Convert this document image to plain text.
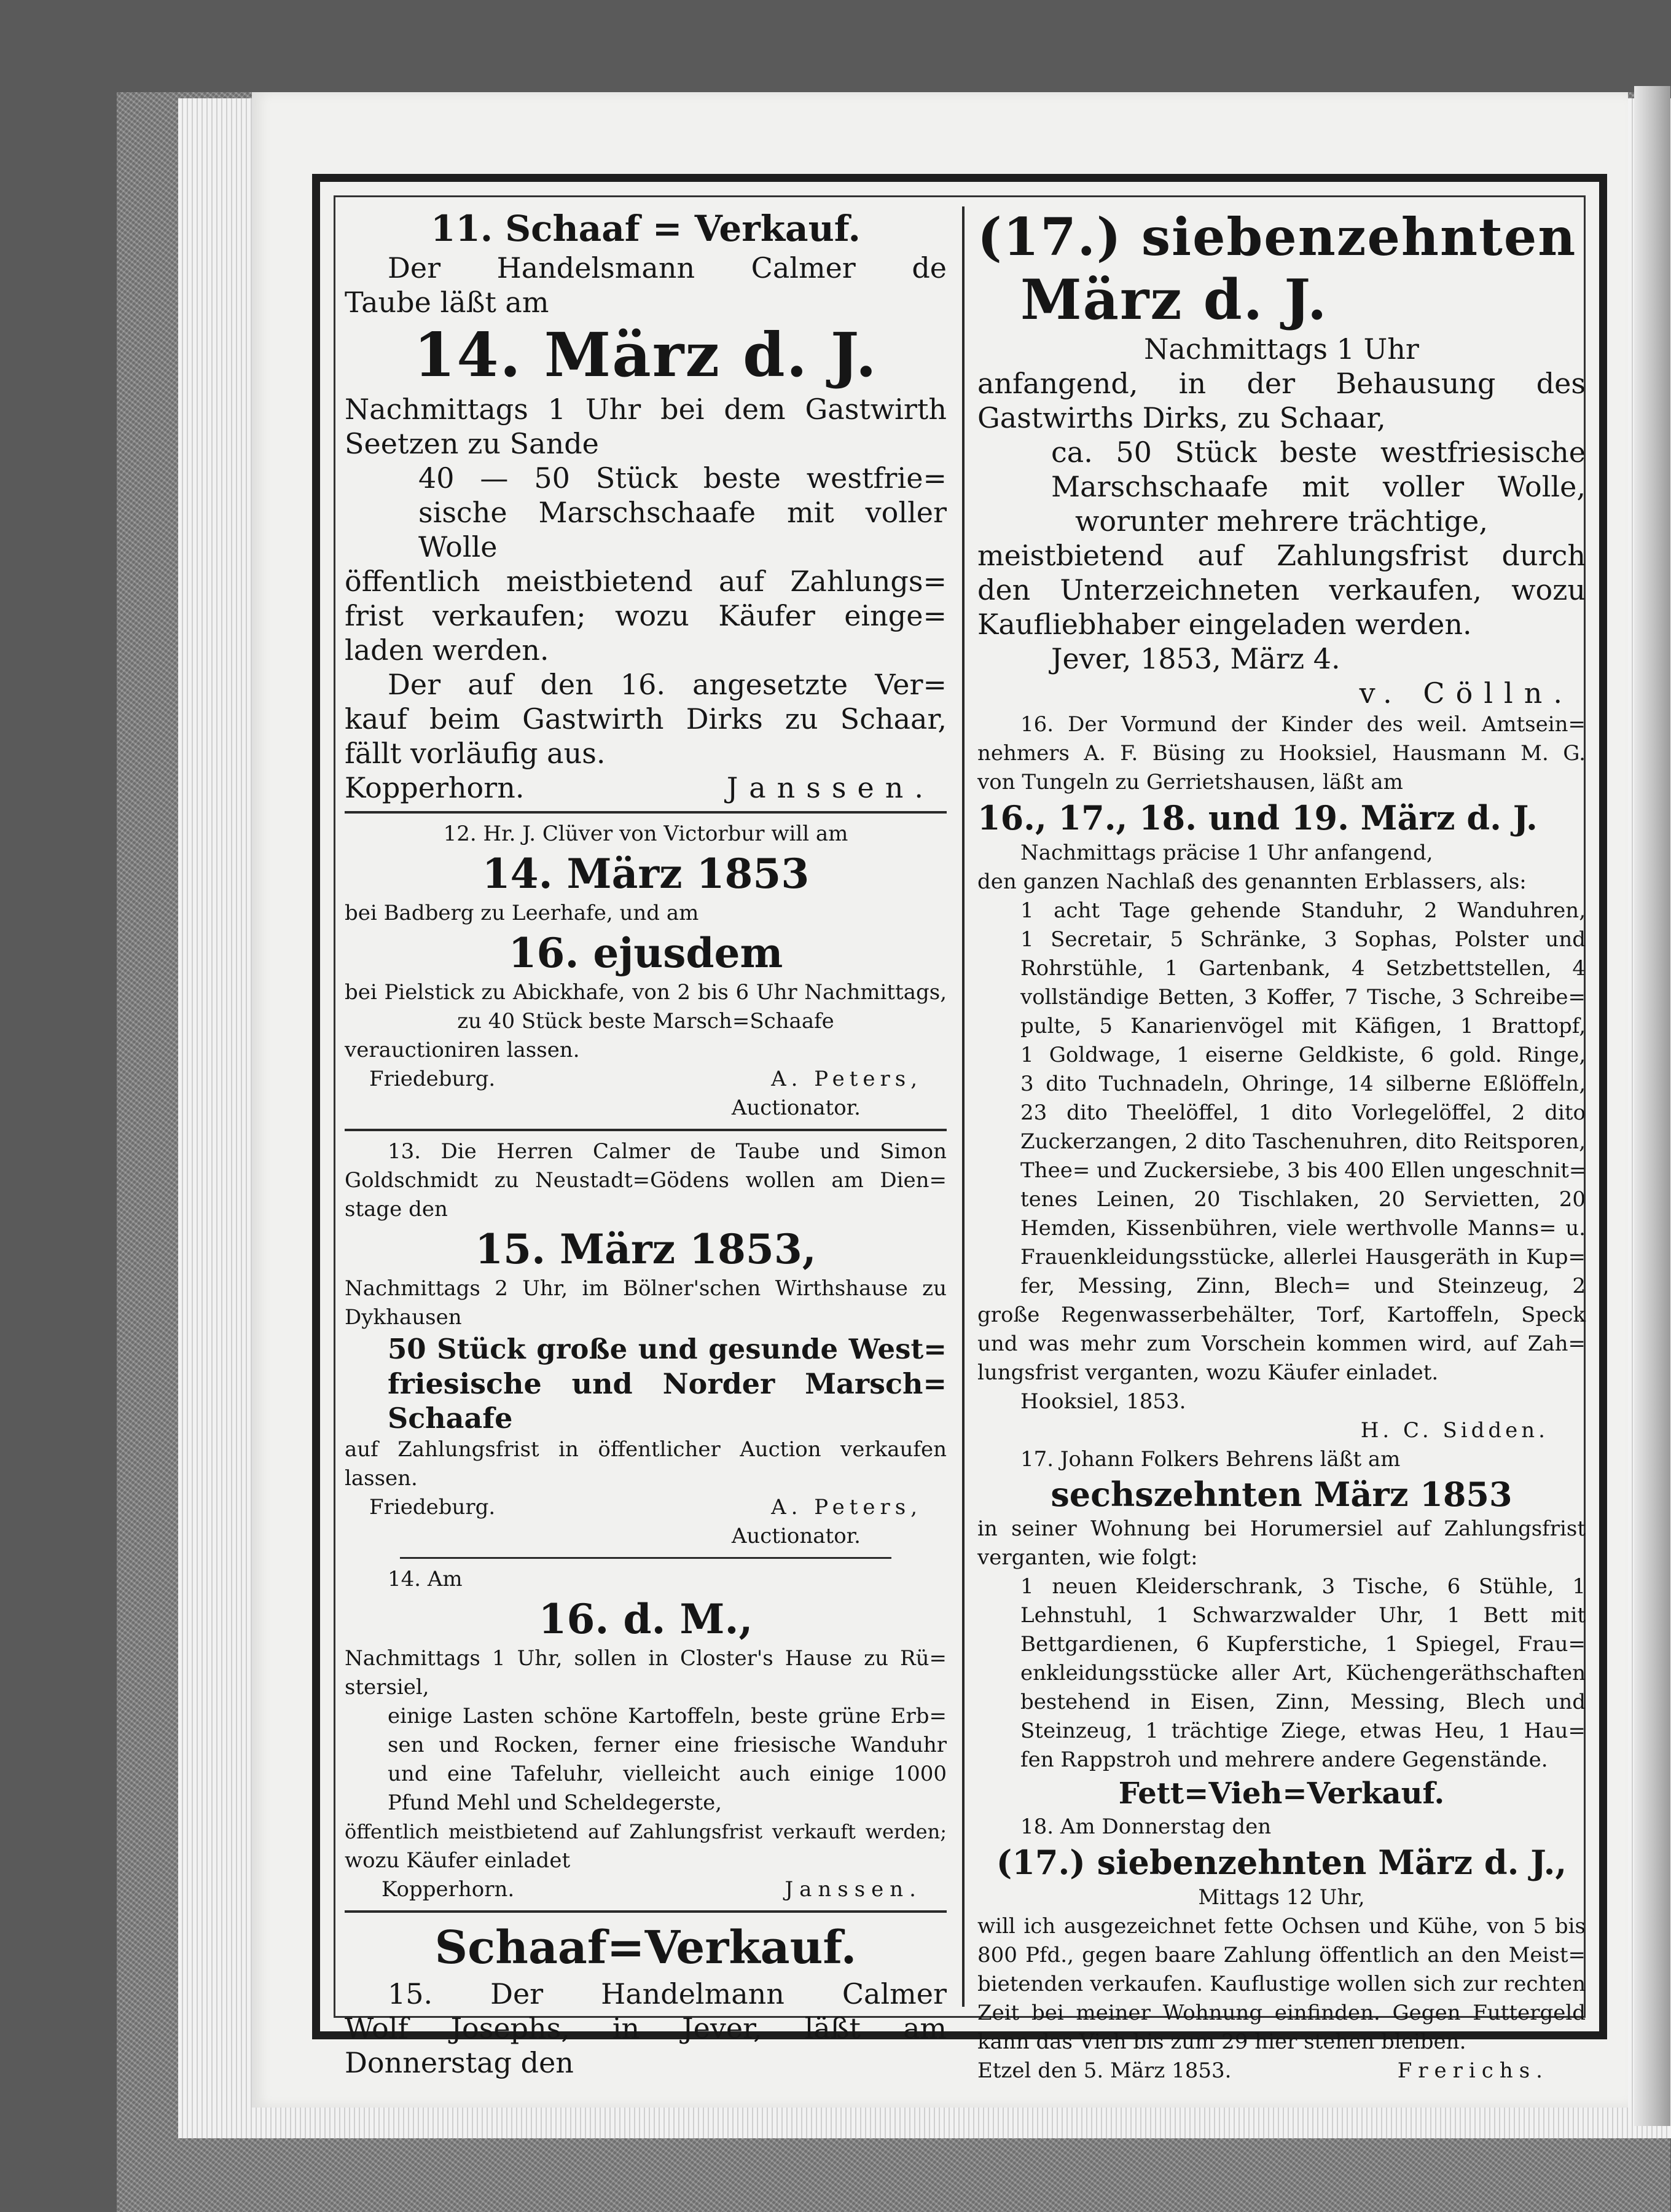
11. Schaaf = Verkauf.
Der Handelsmann Calmer de
Taube läßt am
14. März d. J.
Nachmittags 1 Uhr bei dem Gastwirth
Seetzen zu Sande
40 — 50 Stück beste westfrie=
sische Marschschaafe mit voller
Wolle
öffentlich meistbietend auf Zahlungs=
frist verkaufen; wozu Käufer einge=
laden werden.
Der auf den 16. angesetzte Ver=
kauf beim Gastwirth Dirks zu Schaar,
fällt vorläufig aus.
Kopperhorn.	Janssen.
12. Hr. J. Clüver von Victorbur will am
14. März 1853
bei Badberg zu Leerhafe, und am
16. ejusdem
bei Pielstick zu Abickhafe, von 2 bis 6 Uhr Nachmittags,
zu 40 Stück beste Marsch=Schaafe
verauctioniren lassen.
Friedeburg.	A. Peters,
Auctionator.
13. Die Herren Calmer de Taube und Simon
Goldschmidt zu Neustadt=Gödens wollen am Dien=
stage den
15. März 1853,
Nachmittags 2 Uhr, im Bölner'schen Wirthshause zu
Dykhausen
50 Stück große und gesunde West=
friesische und Norder Marsch=
Schaafe
auf Zahlungsfrist in öffentlicher Auction verkaufen
lassen.
Friedeburg.	A. Peters,
Auctionator.
14. Am
16. d. M.,
Nachmittags 1 Uhr, sollen in Closter's Hause zu Rü=
stersiel,
einige Lasten schöne Kartoffeln, beste grüne Erb=
sen und Rocken, ferner eine friesische Wanduhr
und eine Tafeluhr, vielleicht auch einige 1000
Pfund Mehl und Scheldegerste,
öffentlich meistbietend auf Zahlungsfrist verkauft werden;
wozu Käufer einladet
Kopperhorn.	Janssen.
Schaaf=Verkauf.
15. Der Handelmann Calmer
Wolf Josephs, in Jever, läßt am
Donnerstag den
(17.) siebenzehnten
März d. J.
Nachmittags 1 Uhr
anfangend, in der Behausung des
Gastwirths Dirks, zu Schaar,
ca. 50 Stück beste westfriesische
Marschschaafe mit voller Wolle,
worunter mehrere trächtige,
meistbietend auf Zahlungsfrist durch
den Unterzeichneten verkaufen, wozu
Kaufliebhaber eingeladen werden.
Jever, 1853, März 4.
v. Cölln.
16. Der Vormund der Kinder des weil. Amtsein=
nehmers A. F. Büsing zu Hooksiel, Hausmann M. G.
von Tungeln zu Gerrietshausen, läßt am
16., 17., 18. und 19. März d. J.
Nachmittags präcise 1 Uhr anfangend,
den ganzen Nachlaß des genannten Erblassers, als:
1 acht Tage gehende Standuhr, 2 Wanduhren,
1 Secretair, 5 Schränke, 3 Sophas, Polster und
Rohrstühle, 1 Gartenbank, 4 Setzbettstellen, 4
vollständige Betten, 3 Koffer, 7 Tische, 3 Schreibe=
pulte, 5 Kanarienvögel mit Käfigen, 1 Brattopf,
1 Goldwage, 1 eiserne Geldkiste, 6 gold. Ringe,
3 dito Tuchnadeln, Ohringe, 14 silberne Eßlöffeln,
23 dito Theelöffel, 1 dito Vorlegelöffel, 2 dito
Zuckerzangen, 2 dito Taschenuhren, dito Reitsporen,
Thee= und Zuckersiebe, 3 bis 400 Ellen ungeschnit=
tenes Leinen, 20 Tischlaken, 20 Servietten, 20
Hemden, Kissenbühren, viele werthvolle Manns= u.
Frauenkleidungsstücke, allerlei Hausgeräth in Kup=
fer, Messing, Zinn, Blech= und Steinzeug, 2
große Regenwasserbehälter, Torf, Kartoffeln, Speck
und was mehr zum Vorschein kommen wird, auf Zah=
lungsfrist verganten, wozu Käufer einladet.
Hooksiel, 1853.
H. C. Sidden.
17. Johann Folkers Behrens läßt am
sechszehnten März 1853
in seiner Wohnung bei Horumersiel auf Zahlungsfrist
verganten, wie folgt:
1 neuen Kleiderschrank, 3 Tische, 6 Stühle, 1
Lehnstuhl, 1 Schwarzwalder Uhr, 1 Bett mit
Bettgardienen, 6 Kupferstiche, 1 Spiegel, Frau=
enkleidungsstücke aller Art, Küchengeräthschaften
bestehend in Eisen, Zinn, Messing, Blech und
Steinzeug, 1 trächtige Ziege, etwas Heu, 1 Hau=
fen Rappstroh und mehrere andere Gegenstände.
Fett=Vieh=Verkauf.
18. Am Donnerstag den
(17.) siebenzehnten März d. J.,
Mittags 12 Uhr,
will ich ausgezeichnet fette Ochsen und Kühe, von 5 bis
800 Pfd., gegen baare Zahlung öffentlich an den Meist=
bietenden verkaufen. Kauflustige wollen sich zur rechten
Zeit bei meiner Wohnung einfinden. Gegen Futtergeld
kann das Vieh bis zum 29 hier stehen bleiben.
Etzel den 5. März 1853.	Frerichs.
